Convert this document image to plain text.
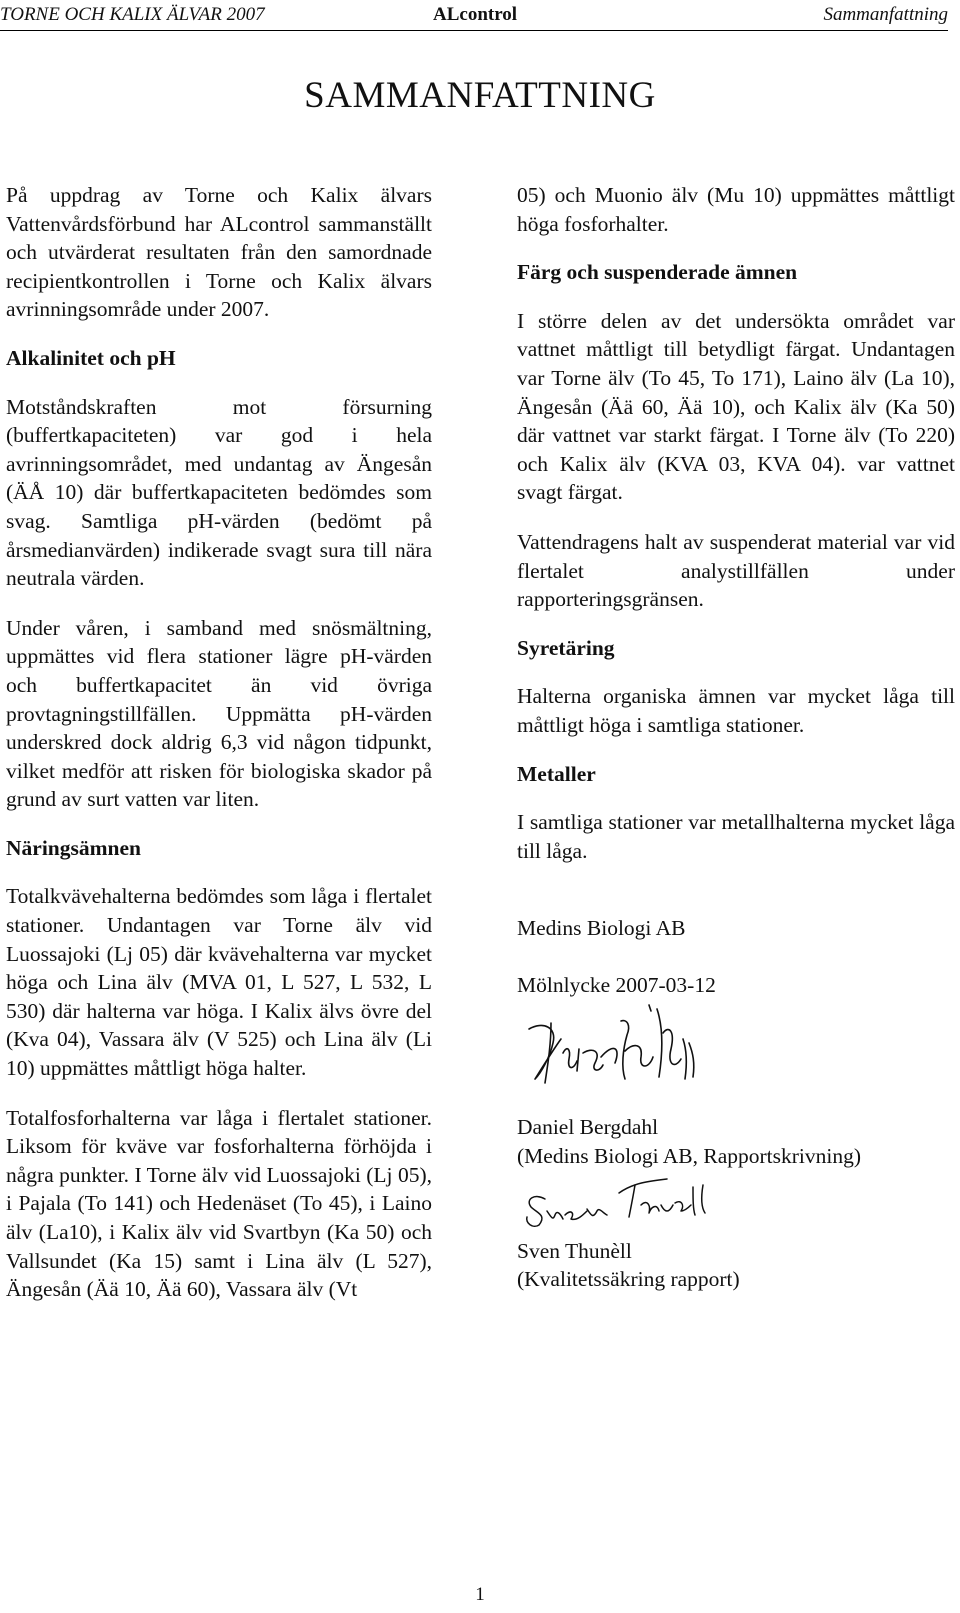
TORNE OCH KALIX ÄLVAR 2007	ALcontrol	Sammanfattning
SAMMANFATTNING

På uppdrag av Torne och Kalix älvars Vattenvårdsförbund har ALcontrol sammanställt och utvärderat resultaten från den samordnade recipientkontrollen i Torne och Kalix älvars avrinningsområde under 2007.

Alkalinitet och pH

Motståndskraften mot försurning (buffertkapaciteten) var god i hela avrinningsområdet, med undantag av Ängesån (ÄÅ 10) där buffertkapaciteten bedömdes som svag. Samtliga pH-värden (bedömt på årsmedianvärden) indikerade svagt sura till nära neutrala värden.

Under våren, i samband med snösmältning, uppmättes vid flera stationer lägre pH-värden och buffertkapacitet än vid övriga provtagningstillfällen. Uppmätta pH-värden underskred dock aldrig 6,3 vid någon tidpunkt, vilket medför att risken för biologiska skador på grund av surt vatten var liten.

Näringsämnen

Totalkvävehalterna bedömdes som låga i flertalet stationer. Undantagen var Torne älv vid Luossajoki (Lj 05) där kvävehalterna var mycket höga och Lina älv (MVA 01, L 527, L 532, L 530) där halterna var höga. I Kalix älvs övre del (Kva 04), Vassara älv (V 525) och Lina älv (Li 10) uppmättes måttligt höga halter.

Totalfosforhalterna var låga i flertalet stationer. Liksom för kväve var fosforhalterna förhöjda i några punkter. I Torne älv vid Luossajoki (Lj 05), i Pajala (To 141) och Hedenäset (To 45), i Laino älv (La10), i Kalix älv vid Svartbyn (Ka 50) och Vallsundet (Ka 15) samt i Lina älv (L 527), Ängesån (Ää 10, Ää 60), Vassara älv (Vt

05) och Muonio älv (Mu 10) uppmättes måttligt höga fosforhalter.

Färg och suspenderade ämnen

I större delen av det undersökta området var vattnet måttligt till betydligt färgat. Undantagen var Torne älv (To 45, To 171), Laino älv (La 10), Ängesån (Ää 60, Ää 10), och Kalix älv (Ka 50) där vattnet var starkt färgat. I Torne älv (To 220) och Kalix älv (KVA 03, KVA 04). var vattnet svagt färgat.

Vattendragens halt av suspenderat material var vid flertalet analystillfällen under rapporteringsgränsen.

Syretäring

Halterna organiska ämnen var mycket låga till måttligt höga i samtliga stationer.

Metaller

I samtliga stationer var metallhalterna mycket låga till låga.

Medins Biologi AB

Mölnlycke 2007-03-12

Daniel Bergdahl

(Medins Biologi AB, Rapportskrivning)

Sven Thunèll

(Kvalitetssäkring rapport)

1
